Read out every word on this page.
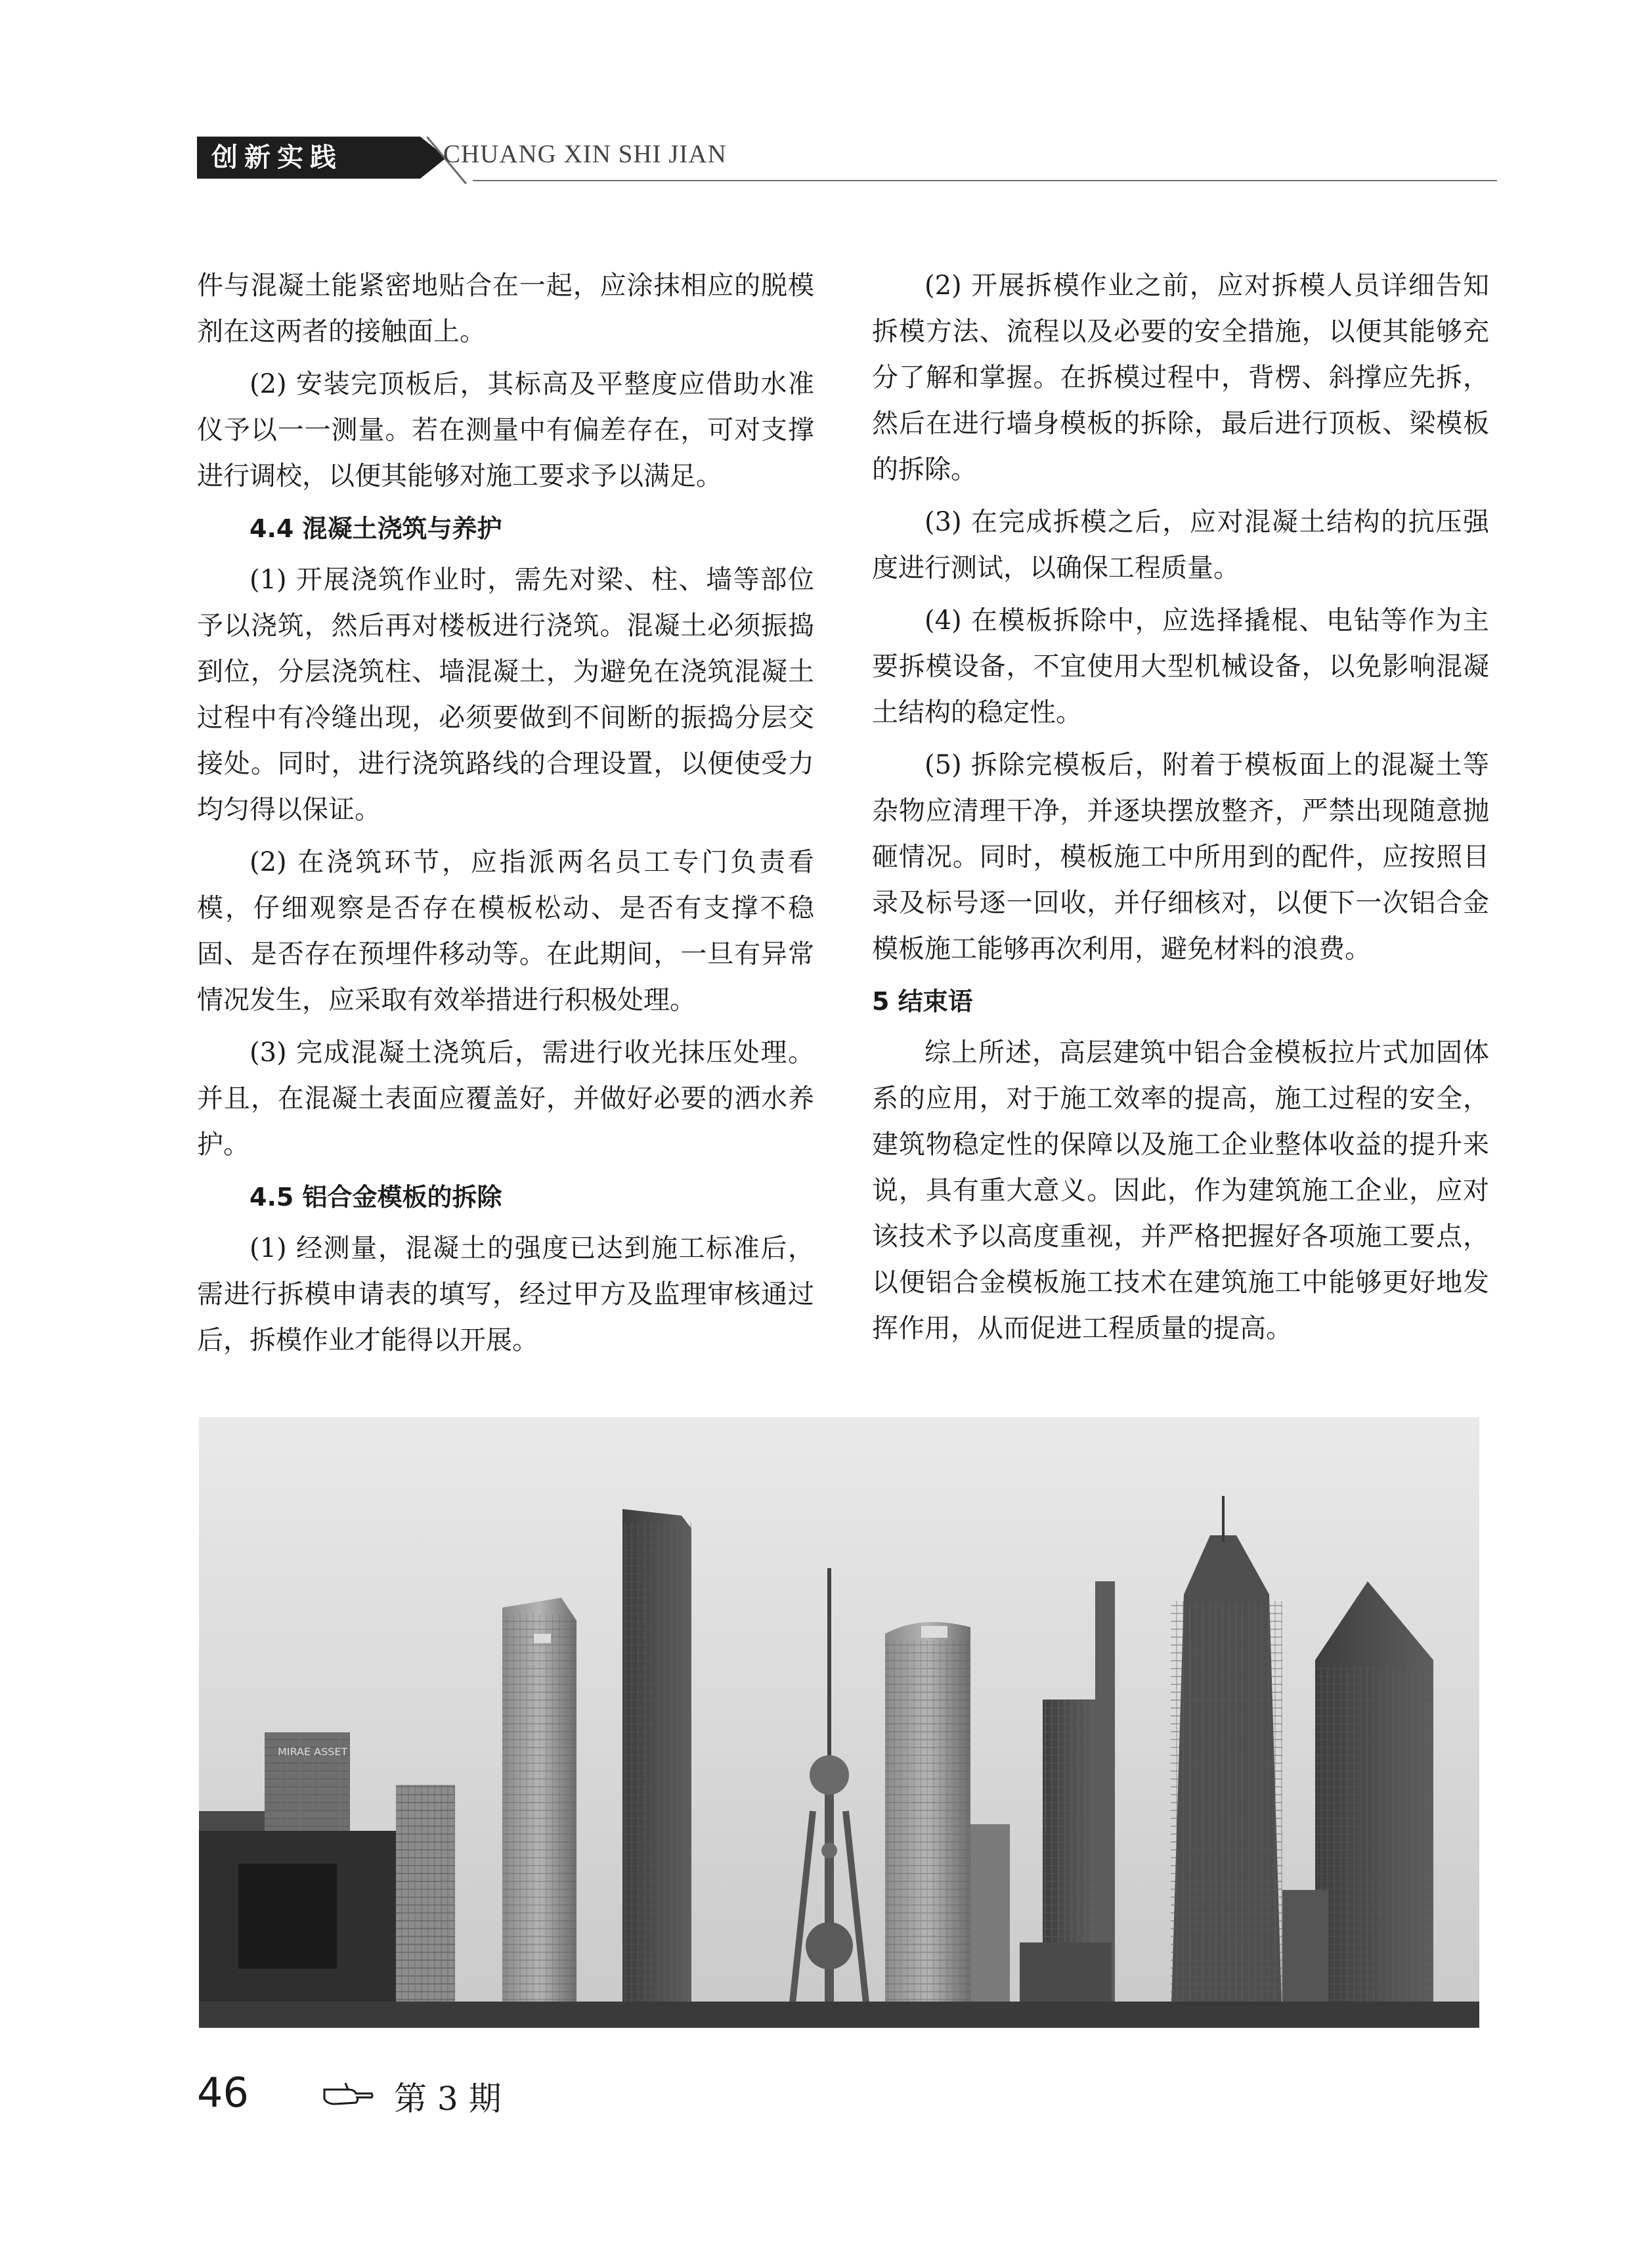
创新实践	CHUANG XIN SHI JIAN

件与混凝土能紧密地贴合在一起，应涂抹相应的脱模剂在这两者的接触面上。

(2) 安装完顶板后，其标高及平整度应借助水准仪予以一一测量。若在测量中有偏差存在，可对支撑进行调校，以便其能够对施工要求予以满足。

4.4 混凝土浇筑与养护

(1) 开展浇筑作业时，需先对梁、柱、墙等部位予以浇筑，然后再对楼板进行浇筑。混凝土必须振捣到位，分层浇筑柱、墙混凝土，为避免在浇筑混凝土过程中有冷缝出现，必须要做到不间断的振捣分层交接处。同时，进行浇筑路线的合理设置，以便使受力均匀得以保证。

(2) 在浇筑环节，应指派两名员工专门负责看模，仔细观察是否存在模板松动、是否有支撑不稳固、是否存在预埋件移动等。在此期间，一旦有异常情况发生，应采取有效举措进行积极处理。

(3) 完成混凝土浇筑后，需进行收光抹压处理。并且，在混凝土表面应覆盖好，并做好必要的洒水养护。

4.5 铝合金模板的拆除

(1) 经测量，混凝土的强度已达到施工标准后，需进行拆模申请表的填写，经过甲方及监理审核通过后，拆模作业才能得以开展。

(2) 开展拆模作业之前，应对拆模人员详细告知拆模方法、流程以及必要的安全措施，以便其能够充分了解和掌握。在拆模过程中，背楞、斜撑应先拆，然后在进行墙身模板的拆除，最后进行顶板、梁模板的拆除。

(3) 在完成拆模之后，应对混凝土结构的抗压强度进行测试，以确保工程质量。

(4) 在模板拆除中，应选择撬棍、电钻等作为主要拆模设备，不宜使用大型机械设备，以免影响混凝土结构的稳定性。

(5) 拆除完模板后，附着于模板面上的混凝土等杂物应清理干净，并逐块摆放整齐，严禁出现随意抛砸情况。同时，模板施工中所用到的配件，应按照目录及标号逐一回收，并仔细核对，以便下一次铝合金模板施工能够再次利用，避免材料的浪费。

5 结束语

综上所述，高层建筑中铝合金模板拉片式加固体系的应用，对于施工效率的提高，施工过程的安全，建筑物稳定性的保障以及施工企业整体收益的提升来说，具有重大意义。因此，作为建筑施工企业，应对该技术予以高度重视，并严格把握好各项施工要点，以便铝合金模板施工技术在建筑施工中能够更好地发挥作用，从而促进工程质量的提高。

MIRAE ASSET
46	第 3 期
